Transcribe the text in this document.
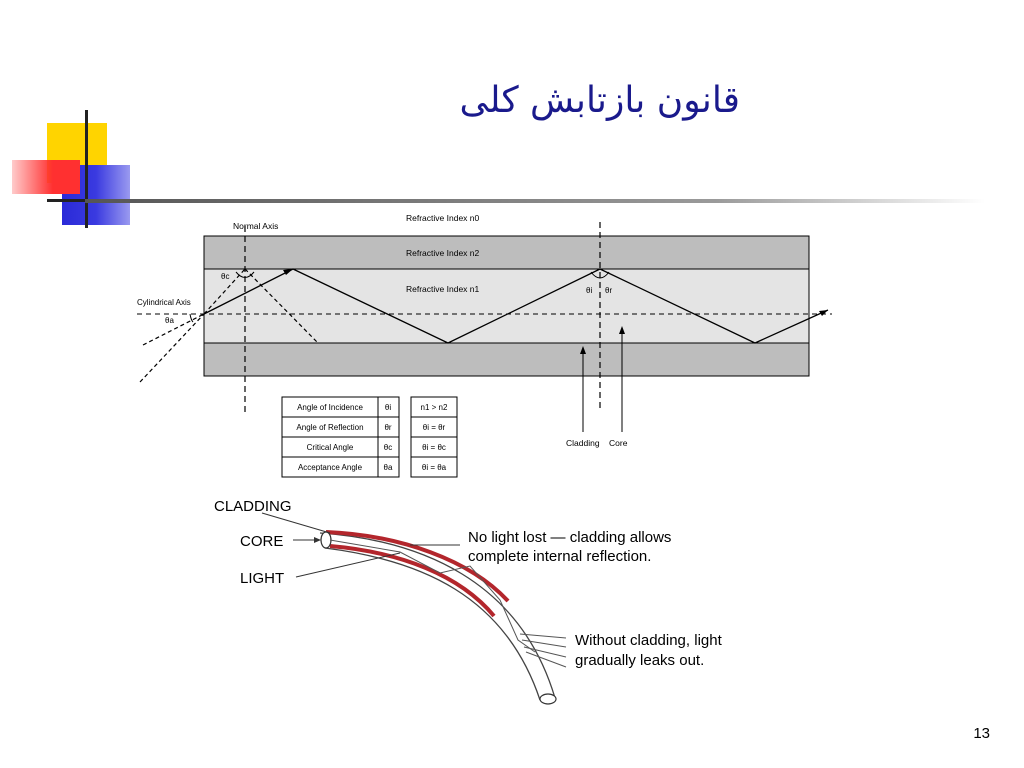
قانون بازتابش کلی
Refractive Index n0
Refractive Index n2
Refractive Index n1
Normal Axis
Cylindrical Axis
θc
θa
θi θr
Cladding Core
Angle of Incidence
Angle of Reflection
Critical Angle
Acceptance Angle
θi
θr
θc
θa
n1 > n2
θi = θr
θi = θc
θi = θa
CLADDING
CORE
LIGHT
No light lost — cladding allows
complete internal reflection.
Without cladding, light
gradually leaks out.
13
